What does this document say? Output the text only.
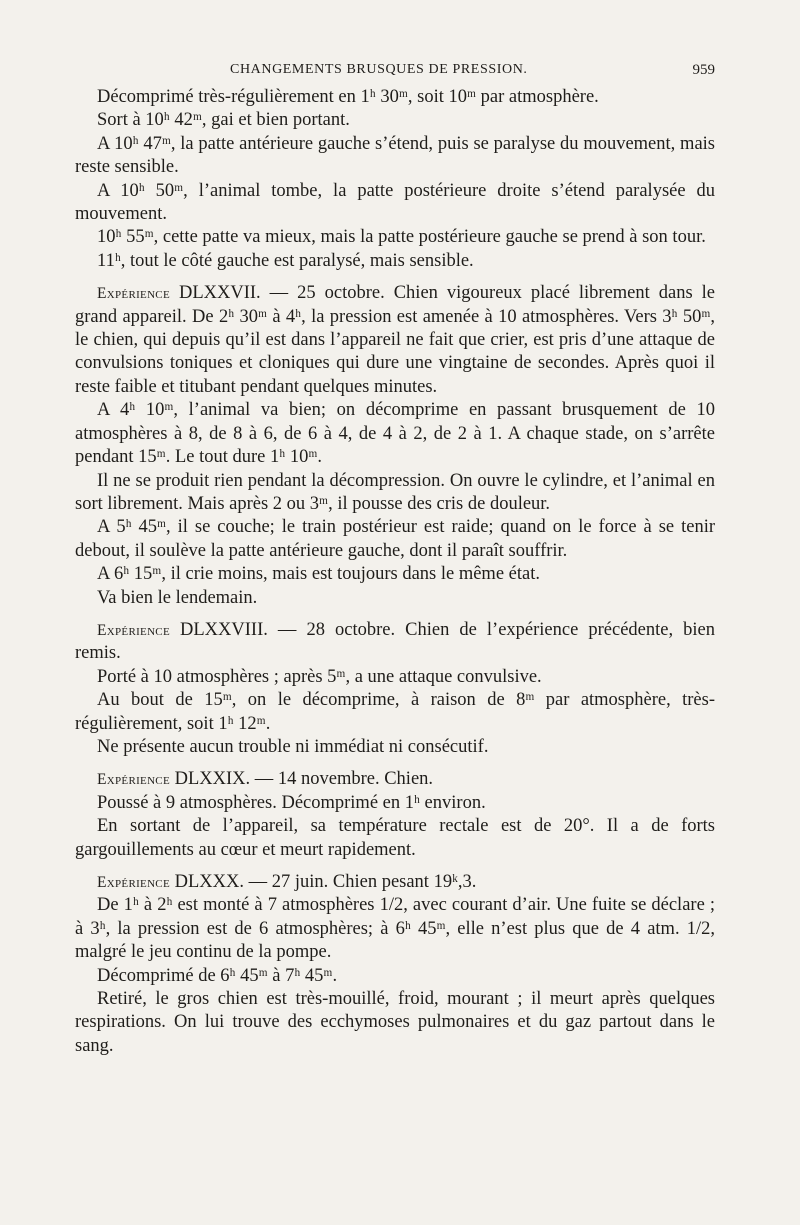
CHANGEMENTS BRUSQUES DE PRESSION.	959

Décomprimé très-régulièrement en 1ʰ 30ᵐ, soit 10ᵐ par atmosphère.

Sort à 10ʰ 42ᵐ, gai et bien portant.

A 10ʰ 47ᵐ, la patte antérieure gauche s’étend, puis se paralyse du mouvement, mais reste sensible.

A 10ʰ 50ᵐ, l’animal tombe, la patte postérieure droite s’étend paralysée du mouvement.

10ʰ 55ᵐ, cette patte va mieux, mais la patte postérieure gauche se prend à son tour.

11ʰ, tout le côté gauche est paralysé, mais sensible.

Expérience DLXXVII. — 25 octobre. Chien vigoureux placé librement dans le grand appareil. De 2ʰ 30ᵐ à 4ʰ, la pression est amenée à 10 atmosphères. Vers 3ʰ 50ᵐ, le chien, qui depuis qu’il est dans l’appareil ne fait que crier, est pris d’une attaque de convulsions toniques et cloniques qui dure une vingtaine de secondes. Après quoi il reste faible et titubant pendant quelques minutes.

A 4ʰ 10ᵐ, l’animal va bien; on décomprime en passant brusquement de 10 atmosphères à 8, de 8 à 6, de 6 à 4, de 4 à 2, de 2 à 1. A chaque stade, on s’arrête pendant 15ᵐ. Le tout dure 1ʰ 10ᵐ.

Il ne se produit rien pendant la décompression. On ouvre le cylindre, et l’animal en sort librement. Mais après 2 ou 3ᵐ, il pousse des cris de douleur.

A 5ʰ 45ᵐ, il se couche; le train postérieur est raide; quand on le force à se tenir debout, il soulève la patte antérieure gauche, dont il paraît souffrir.

A 6ʰ 15ᵐ, il crie moins, mais est toujours dans le même état.

Va bien le lendemain.

Expérience DLXXVIII. — 28 octobre. Chien de l’expérience précédente, bien remis.

Porté à 10 atmosphères ; après 5ᵐ, a une attaque convulsive.

Au bout de 15ᵐ, on le décomprime, à raison de 8ᵐ par atmosphère, très-régulièrement, soit 1ʰ 12ᵐ.

Ne présente aucun trouble ni immédiat ni consécutif.

Expérience DLXXIX. — 14 novembre. Chien.

Poussé à 9 atmosphères. Décomprimé en 1ʰ environ.

En sortant de l’appareil, sa température rectale est de 20°. Il a de forts gargouillements au cœur et meurt rapidement.

Expérience DLXXX. — 27 juin. Chien pesant 19ᵏ,3.

De 1ʰ à 2ʰ est monté à 7 atmosphères 1/2, avec courant d’air. Une fuite se déclare ; à 3ʰ, la pression est de 6 atmosphères; à 6ʰ 45ᵐ, elle n’est plus que de 4 atm. 1/2, malgré le jeu continu de la pompe.

Décomprimé de 6ʰ 45ᵐ à 7ʰ 45ᵐ.

Retiré, le gros chien est très-mouillé, froid, mourant ; il meurt après quelques respirations. On lui trouve des ecchymoses pulmonaires et du gaz partout dans le sang.
